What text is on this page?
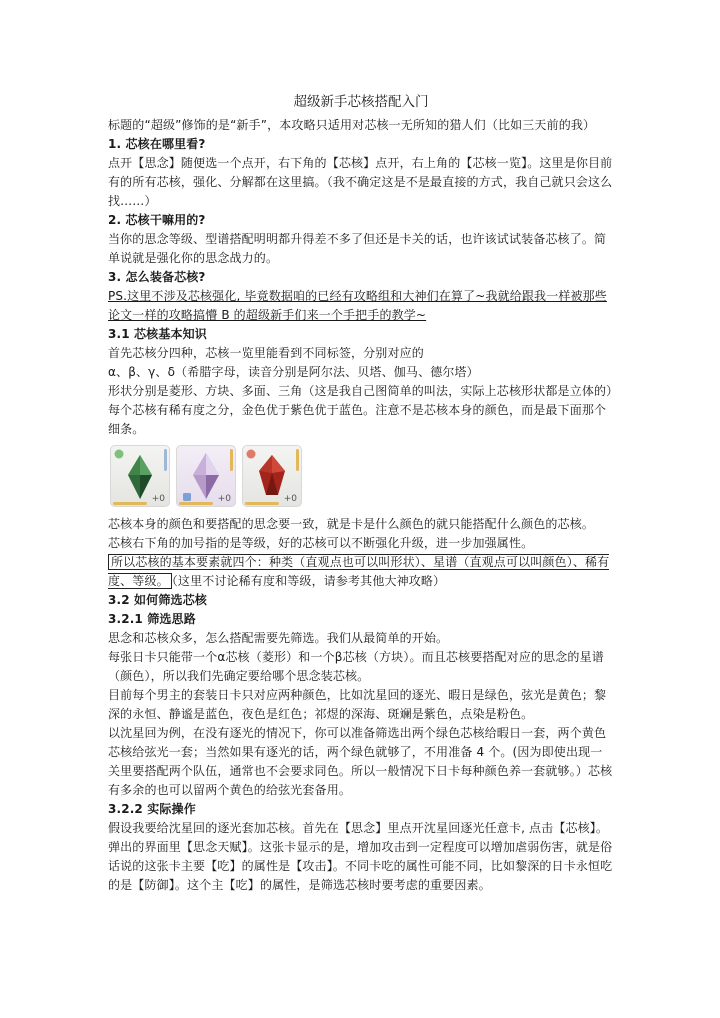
超级新手芯核搭配入门

标题的“超级”修饰的是“新手”，本攻略只适用对芯核一无所知的猎人们（比如三天前的我）

1. 芯核在哪里看?

点开【思念】随便选一个点开，右下角的【芯核】点开，右上角的【芯核一览】。这里是你目前有的所有芯核，强化、分解都在这里搞。（我不确定这是不是最直接的方式，我自己就只会这么找……）

2. 芯核干嘛用的?

当你的思念等级、型谱搭配明明都升得差不多了但还是卡关的话，也许该试试装备芯核了。简单说就是强化你的思念战力的。

3. 怎么装备芯核?

PS.这里不涉及芯核强化, 毕竟数据咱的已经有攻略组和大神们在算了~我就给跟我一样被那些论文一样的攻略搞懵 B 的超级新手们来一个手把手的教学~

3.1 芯核基本知识

首先芯核分四种，芯核一览里能看到不同标签，分别对应的

α、β、γ、δ（希腊字母，读音分别是阿尔法、贝塔、伽马、德尔塔）

形状分别是菱形、方块、多面、三角（这是我自己图简单的叫法，实际上芯核形状都是立体的）

每个芯核有稀有度之分，金色优于紫色优于蓝色。注意不是芯核本身的颜色，而是最下面那个细条。

+0	+0	+0

芯核本身的颜色和要搭配的思念要一致，就是卡是什么颜色的就只能搭配什么颜色的芯核。

芯核右下角的加号指的是等级，好的芯核可以不断强化升级，进一步加强属性。

所以芯核的基本要素就四个：种类（直观点也可以叫形状）、星谱（直观点可以叫颜色）、稀有度、等级。 （这里不讨论稀有度和等级，请参考其他大神攻略）

3.2 如何筛选芯核

3.2.1 筛选思路

思念和芯核众多，怎么搭配需要先筛选。我们从最简单的开始。

每张日卡只能带一个α芯核（菱形）和一个β芯核（方块）。而且芯核要搭配对应的思念的星谱（颜色），所以我们先确定要给哪个思念装芯核。

目前每个男主的套装日卡只对应两种颜色，比如沈星回的逐光、暇日是绿色，弦光是黄色；黎深的永恒、静谧是蓝色，夜色是红色；祁煜的深海、斑斓是紫色，点染是粉色。

以沈星回为例，在没有逐光的情况下，你可以准备筛选出两个绿色芯核给暇日一套，两个黄色芯核给弦光一套；当然如果有逐光的话，两个绿色就够了，不用准备 4 个。(因为即使出现一关里要搭配两个队伍，通常也不会要求同色。所以一般情况下日卡每种颜色养一套就够。）芯核有多余的也可以留两个黄色的给弦光套备用。

3.2.2 实际操作

假设我要给沈星回的逐光套加芯核。首先在【思念】里点开沈星回逐光任意卡, 点击【芯核】。弹出的界面里【思念天赋】。这张卡显示的是，增加攻击到一定程度可以增加虐弱伤害，就是俗话说的这张卡主要【吃】的属性是【攻击】。不同卡吃的属性可能不同，比如黎深的日卡永恒吃的是【防御】。这个主【吃】的属性，是筛选芯核时要考虑的重要因素。
